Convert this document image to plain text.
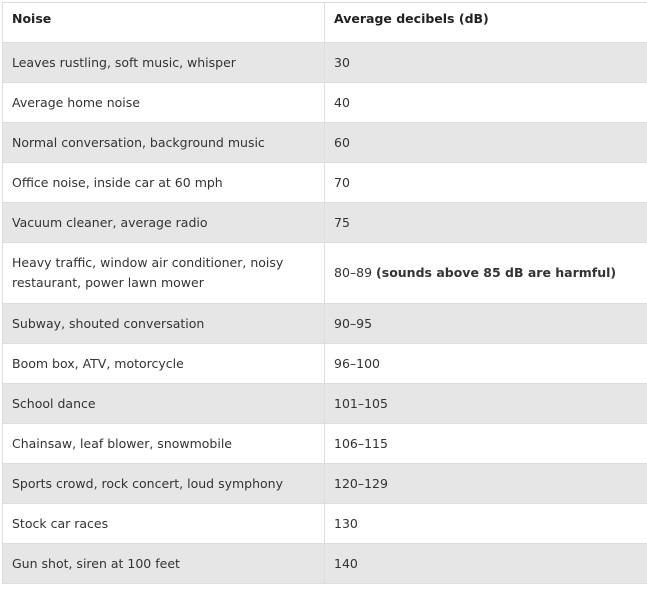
Noise	Average decibels (dB)
Leaves rustling, soft music, whisper	30
Average home noise	40
Normal conversation, background music	60
Office noise, inside car at 60 mph	70
Vacuum cleaner, average radio	75
Heavy traffic, window air conditioner, noisy restaurant, power lawn mower	80–89 (sounds above 85 dB are harmful)
Subway, shouted conversation	90–95
Boom box, ATV, motorcycle	96–100
School dance	101–105
Chainsaw, leaf blower, snowmobile	106–115
Sports crowd, rock concert, loud symphony	120–129
Stock car races	130
Gun shot, siren at 100 feet	140
